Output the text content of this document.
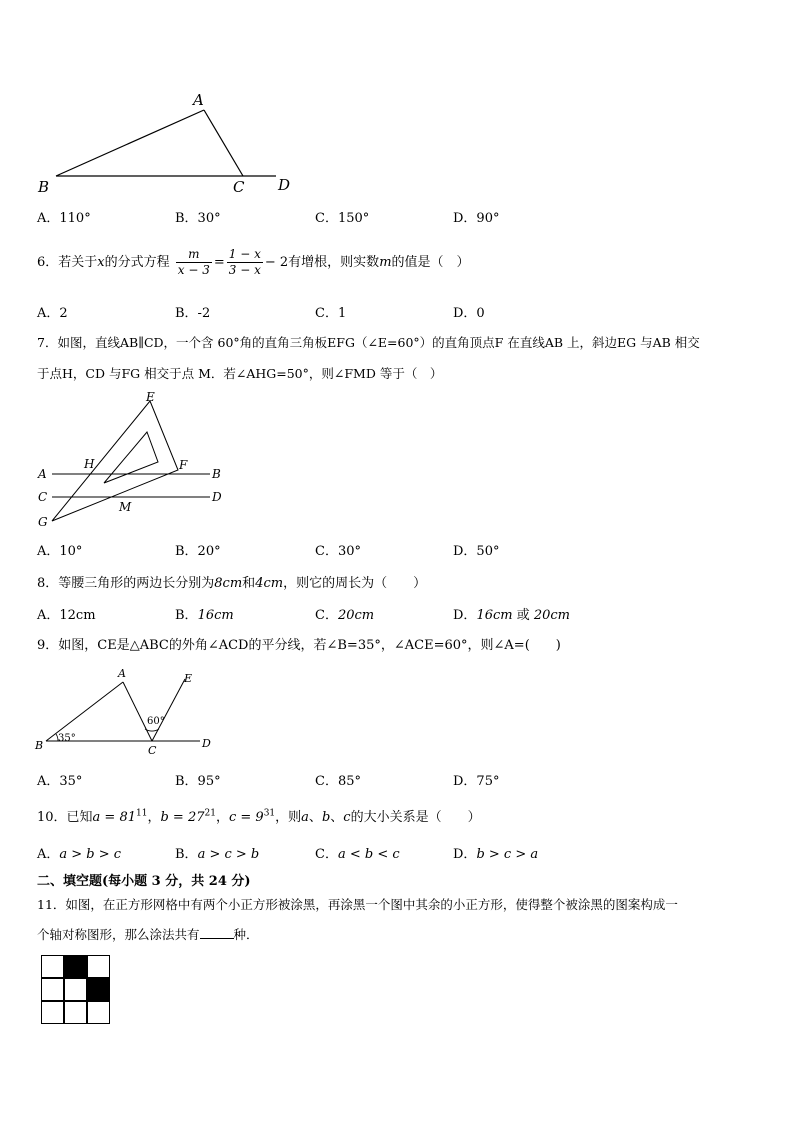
A
B	C D
A．110°	B．30°	C．150°	D．90°
6．若关于x的分式方程 $\frac{m}{x - 3} = \frac{1 - x}{3 - x} - 2$有增根，则实数m的值是（　）
A．2	B．-2	C．1	D．0
7．如图，直线AB∥CD，一个含 60°角的直角三角板EFG（∠E=60°）的直角顶点F 在直线AB 上，斜边EG 与AB 相交
于点H，CD 与FG 相交于点 M．若∠AHG=50°，则∠FMD 等于（　）
E
H	F
A	B
C	D
M
G
A．10°	B．20°	C．30°	D．50°
8．等腰三角形的两边长分别为8cm和4cm，则它的周长为（　　）
A．12cm	B．16cm	C．20cm	D．16cm 或 20cm
9．如图，CE是△ABC的外角∠ACD的平分线，若∠B=35°，∠ACE=60°，则∠A=(　　)
A	E
60°
35°
B	C
D
A．35°	B．95°	C．85°	D．75°
10．已知$a = 81^{11}$，$b = 27^{21}$，$c = 9^{31}$，则a、b、c的大小关系是（　　）
A．a > b > c	B．a > c > b	C．a < b < c	D．b > c > a
二、填空题(每小题 3 分，共 24 分)
11．如图，在正方形网格中有两个小正方形被涂黑，再涂黑一个图中其余的小正方形，使得整个被涂黑的图案构成一
个轴对称图形，那么涂法共有	种．
